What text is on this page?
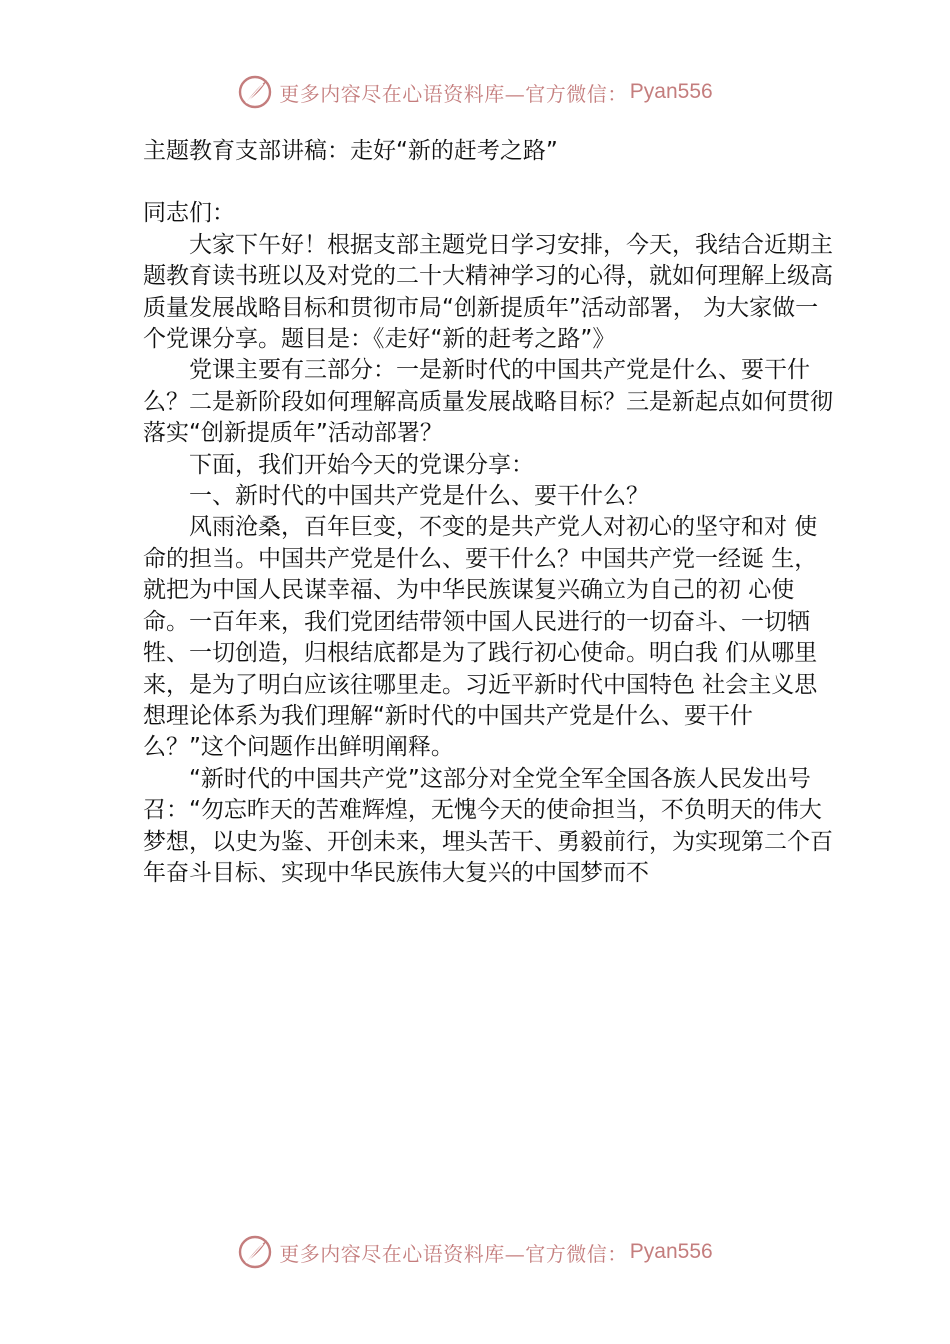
更多内容尽在心语资料库—官方微信： Pyan556

主题教育支部讲稿：走好“新的赶考之路”

同志们：

大家下午好！根据支部主题党日学习安排，今天，我结合近期主题教育读书班以及对党的二十大精神学习的心得，就如何理解上级高质量发展战略目标和贯彻市局“创新提质年”活动部署， 为大家做一个党课分享。题目是：《走好“新的赶考之路”》

党课主要有三部分：一是新时代的中国共产党是什么、要干什么？二是新阶段如何理解高质量发展战略目标？三是新起点如何贯彻落实“创新提质年”活动部署？

下面，我们开始今天的党课分享：

一、新时代的中国共产党是什么、要干什么？

风雨沧桑，百年巨变，不变的是共产党人对初心的坚守和对 使命的担当。中国共产党是什么、要干什么？中国共产党一经诞 生，就把为中国人民谋幸福、为中华民族谋复兴确立为自己的初 心使命。一百年来，我们党团结带领中国人民进行的一切奋斗、一切牺牲、一切创造，归根结底都是为了践行初心使命。明白我 们从哪里来，是为了明白应该往哪里走。习近平新时代中国特色 社会主义思想理论体系为我们理解“新时代的中国共产党是什么、要干什么？”这个问题作出鲜明阐释。

“新时代的中国共产党”这部分对全党全军全国各族人民发出号召：“勿忘昨天的苦难辉煌，无愧今天的使命担当，不负明天的伟大梦想，以史为鉴、开创未来，埋头苦干、勇毅前行，为实现第二个百年奋斗目标、实现中华民族伟大复兴的中国梦而不

更多内容尽在心语资料库—官方微信： Pyan556
